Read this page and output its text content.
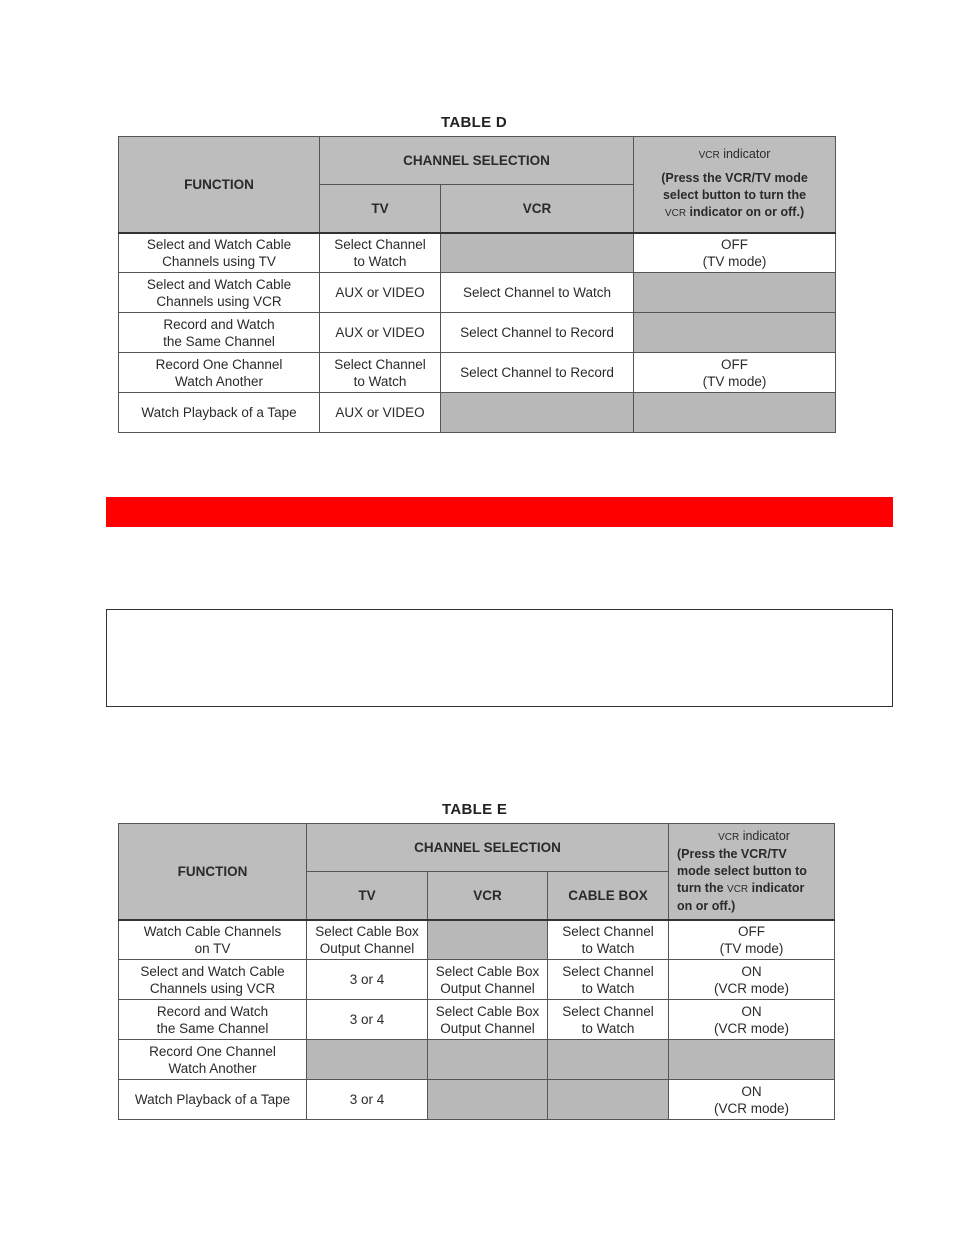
TABLE D
FUNCTION	CHANNEL SELECTION		VCR indicator
(Press the VCR/TV mode
select button to turn the
VCR indicator on or off.)

	TV	VCR	
Select and Watch Cable
Channels using TV	Select Channel
to Watch		OFF
(TV mode)
Select and Watch Cable
Channels using VCR	AUX or VIDEO	Select Channel to Watch	
Record and Watch
the Same Channel	AUX or VIDEO	Select Channel to Record	
Record One Channel
Watch Another	Select Channel
to Watch	Select Channel to Record	OFF
(TV mode)
Watch Playback of a Tape	AUX or VIDEO		
TABLE E
FUNCTION	CHANNEL SELECTION			VCR indicator
(Press the VCR/TV
mode select button to
turn the VCR indicator
on or off.)
	TV	VCR	CABLE BOX	
Watch Cable Channels
on TV	Select Cable Box
Output Channel		Select Channel
to Watch	OFF
(TV mode)
Select and Watch Cable
Channels using VCR	3 or 4	Select Cable Box
Output Channel	Select Channel
to Watch	ON
(VCR mode)
Record and Watch
the Same Channel	3 or 4	Select Cable Box
Output Channel	Select Channel
to Watch	ON
(VCR mode)
Record One Channel
Watch Another				
Watch Playback of a Tape	3 or 4			ON
(VCR mode)
